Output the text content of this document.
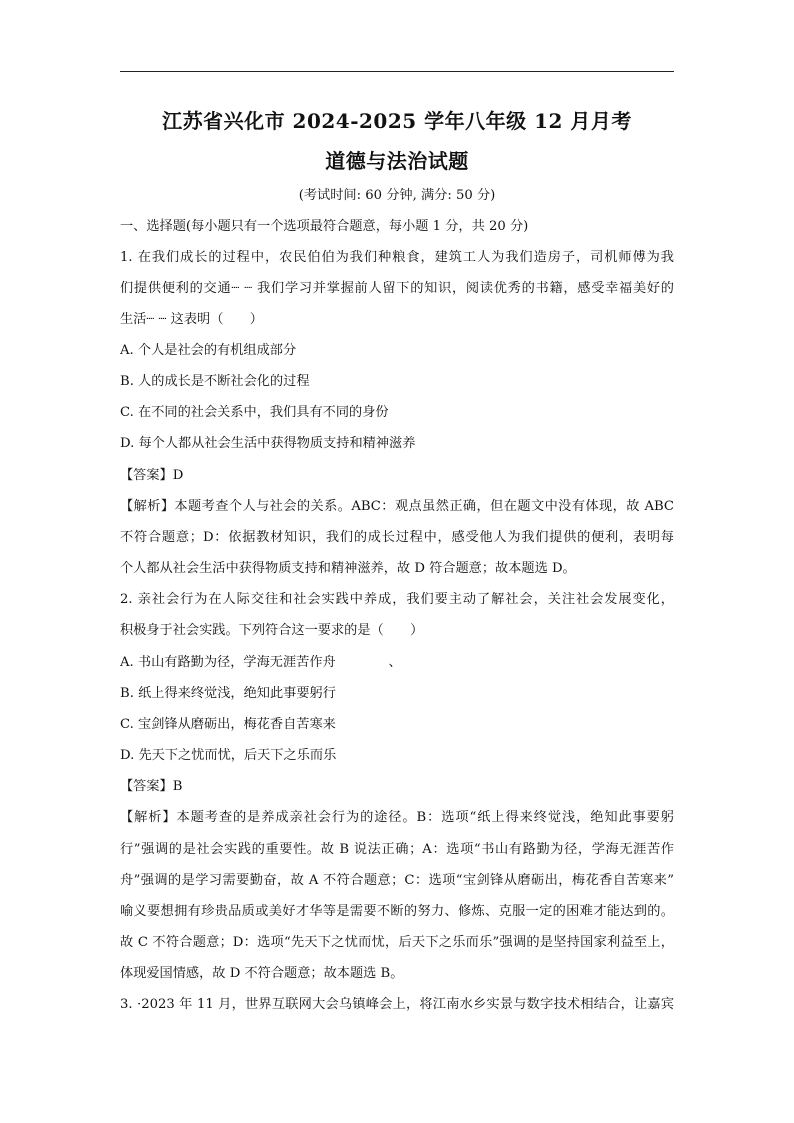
江苏省兴化市 2024-2025 学年八年级 12 月月考
道德与法治试题
(考试时间: 60 分钟, 满分: 50 分)
一、选择题(每小题只有一个选项最符合题意，每小题 1 分，共 20 分)
1. 在我们成长的过程中，农民伯伯为我们种粮食，建筑工人为我们造房子，司机师傅为我
们提供便利的交通┈ ┈ 我们学习并掌握前人留下的知识，阅读优秀的书籍，感受幸福美好的
生活┈ ┈ 这表明（　　）
A. 个人是社会的有机组成部分
B. 人的成长是不断社会化的过程
C. 在不同的社会关系中，我们具有不同的身份
D. 每个人都从社会生活中获得物质支持和精神滋养
【答案】D
【解析】本题考查个人与社会的关系。ABC：观点虽然正确，但在题文中没有体现，故 ABC
不符合题意；D：依据教材知识，我们的成长过程中，感受他人为我们提供的便利，表明每
个人都从社会生活中获得物质支持和精神滋养，故 D 符合题意；故本题选 D。
2. 亲社会行为在人际交往和社会实践中养成，我们要主动了解社会，关注社会发展变化，
积极身于社会实践。下列符合这一要求的是（　　）
A. 书山有路勤为径，学海无涯苦作舟　　　　、
B. 纸上得来终觉浅，绝知此事要躬行
C. 宝剑锋从磨砺出，梅花香自苦寒来
D. 先天下之忧而忧，后天下之乐而乐
【答案】B
【解析】本题考查的是养成亲社会行为的途径。B：选项“纸上得来终觉浅，绝知此事要躬
行”强调的是社会实践的重要性。故 B 说法正确；A：选项“书山有路勤为径，学海无涯苦作
舟”强调的是学习需要勤奋，故 A 不符合题意；C：选项“宝剑锋从磨砺出，梅花香自苦寒来”
喻义要想拥有珍贵品质或美好才华等是需要不断的努力、修炼、克服一定的困难才能达到的。
故 C 不符合题意；D：选项“先天下之忧而忧，后天下之乐而乐”强调的是坚持国家利益至上，
体现爱国情感，故 D 不符合题意；故本题选 B。
3. ·2023 年 11 月，世界互联网大会乌镇峰会上，将江南水乡实景与数字技术相结合，让嘉宾
